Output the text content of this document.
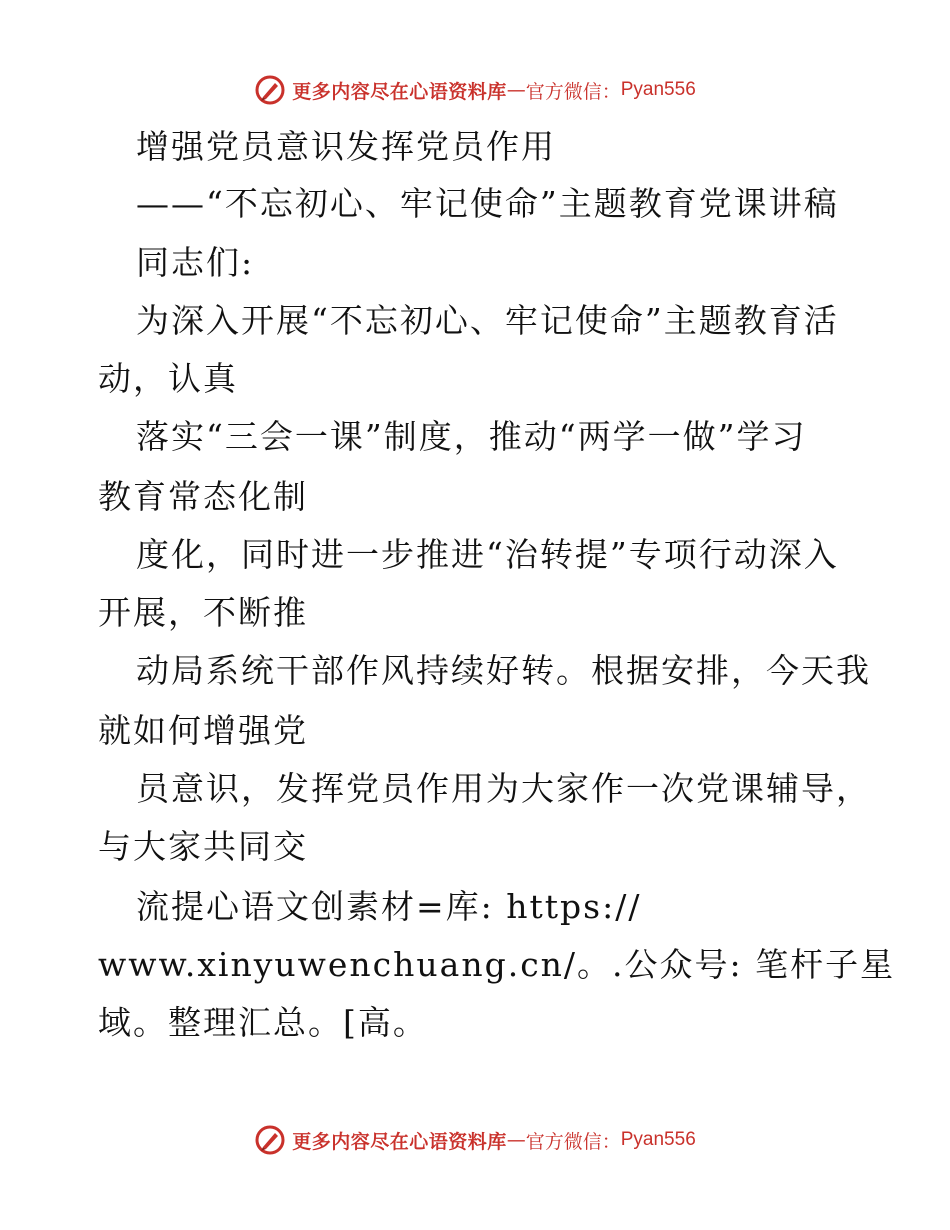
更多内容尽在心语资料库 — 官方微信： Pyan556
增强党员意识发挥党员作用
——“不忘初心、牢记使命”主题教育党课讲稿
同志们:
为深入开展“不忘初心、牢记使命”主题教育活
动，认真
落实“三会一课”制度，推动“两学一做”学习
教育常态化制
度化，同时进一步推进“治转提”专项行动深入
开展，不断推
动局系统干部作风持续好转。根据安排，今天我
就如何增强党
员意识，发挥党员作用为大家作一次党课辅导，
与大家共同交
流提心语文创素材=库: https://
www.xinyuwenchuang.cn/。.公众号: 笔杆子星
域。整理汇总。[高。
更多内容尽在心语资料库 — 官方微信： Pyan556
